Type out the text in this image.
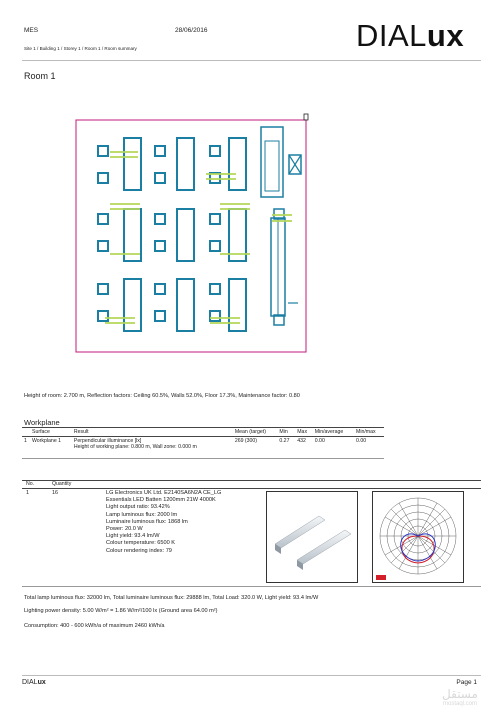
MES	28/06/2016	DIALux
Site 1 / Building 1 / Storey 1 / Room 1 / Room summary
Room 1
Height of room: 2.700 m, Reflection factors: Ceiling 60.5%, Walls 52.0%, Floor 17.3%, Maintenance factor: 0.80
Workplane
	Surface	Result	Mean (target)	Min	Max	Min/average	Min/max
1	Workplane 1	Perpendicular illuminance [lx]
Height of working plane: 0.800 m, Wall zone: 0.000 m	269 (300)	0.27	432	0.00	0.00
No.	Quantity
1	16	LG Electronics UK Ltd. E2140SA6N2A CE_LG
Essentials LED Batten 1200mm 21W 4000K
Light output ratio: 93.42%
Lamp luminous flux: 2000 lm
Luminaire luminous flux: 1868 lm
Power: 20.0 W
Light yield: 93.4 lm/W
Colour temperature: 6500 K
Colour rendering index: 79
Total lamp luminous flux: 32000 lm, Total luminaire luminous flux: 29888 lm, Total Load: 320.0 W, Light yield: 93.4 lm/W
Lighting power density: 5.00 W/m² = 1.86 W/m²/100 lx (Ground area 64.00 m²)
Consumption: 400 - 600 kWh/a of maximum 2460 kWh/a
DIALux	Page 1
مستقل
mostaql.com
